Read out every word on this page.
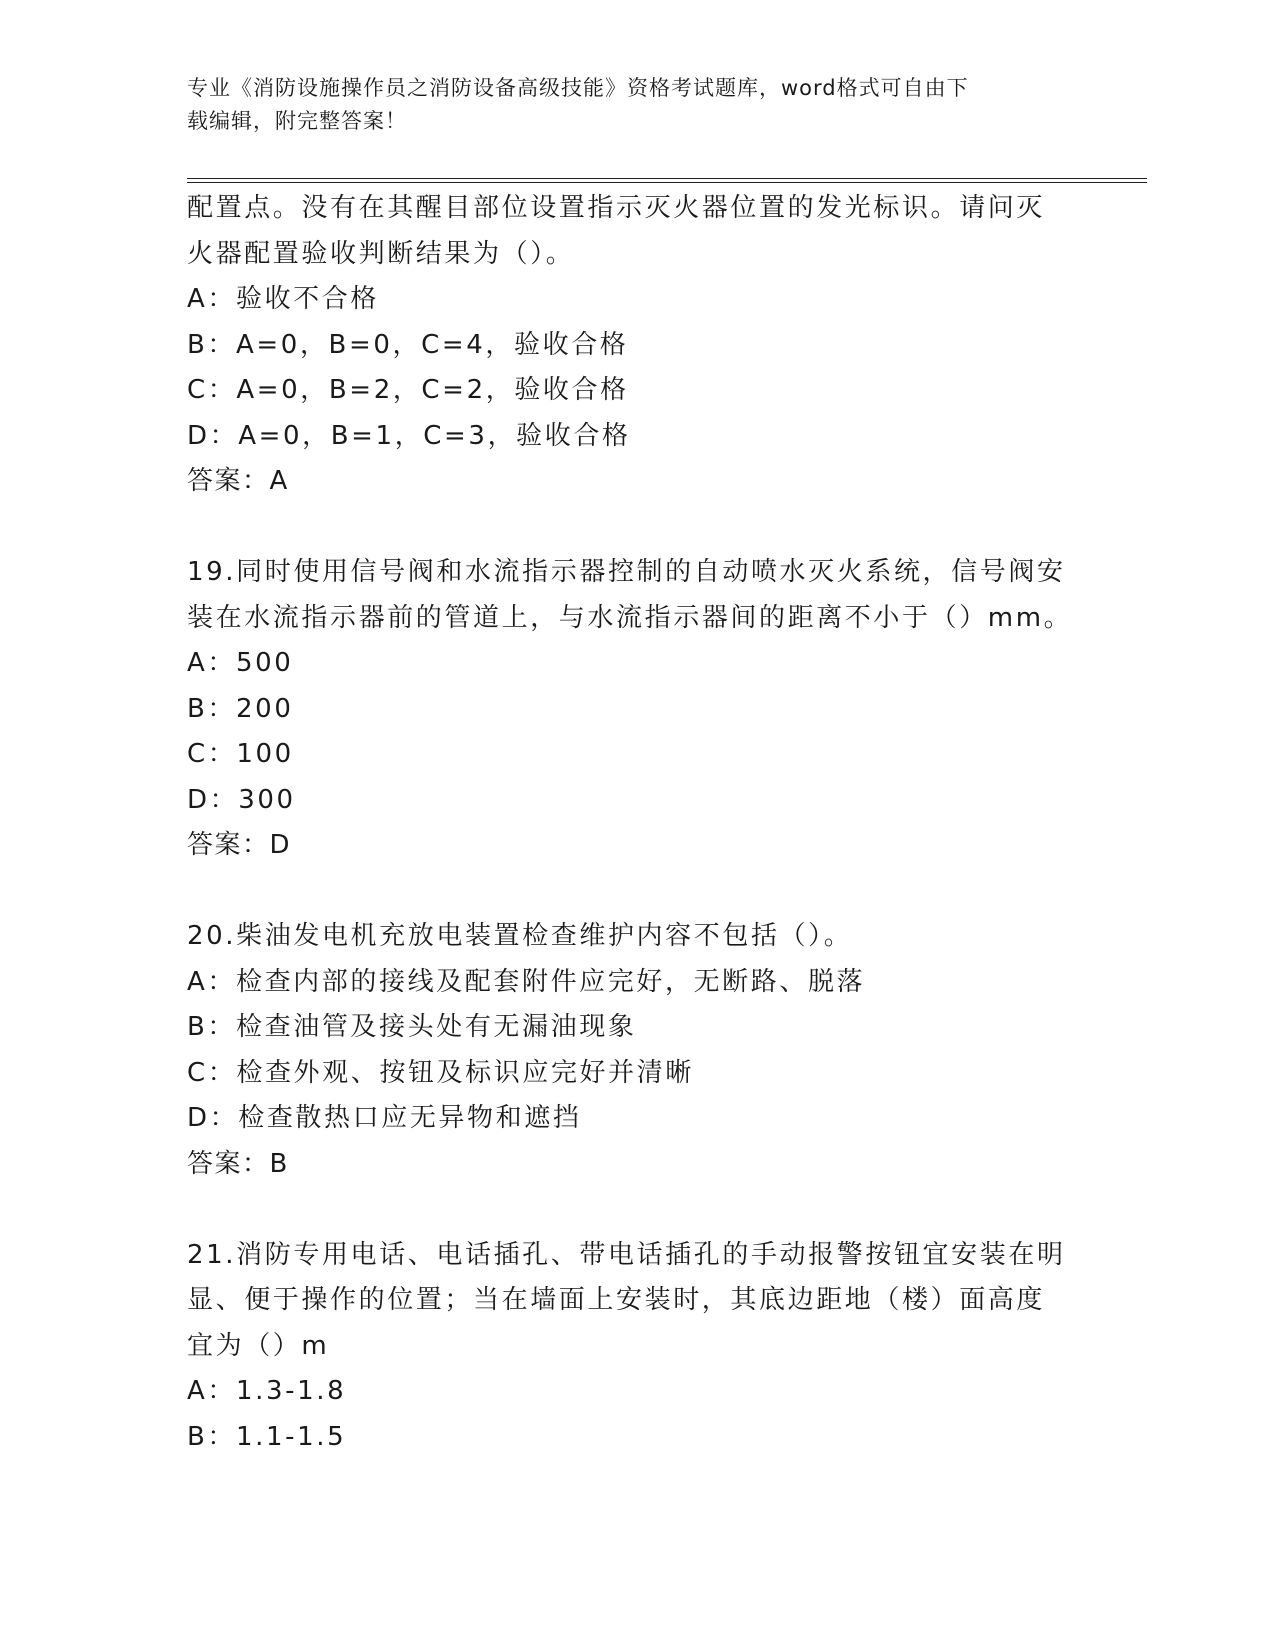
专业《消防设施操作员之消防设备高级技能》资格考试题库，word格式可自由下
载编辑，附完整答案！
配置点。没有在其醒目部位设置指示灭火器位置的发光标识。请问灭
火器配置验收判断结果为（）。
A：验收不合格
B：A=0，B=0，C=4，验收合格
C：A=0，B=2，C=2，验收合格
D：A=0，B=1，C=3，验收合格
答案：A
19.同时使用信号阀和水流指示器控制的自动喷水灭火系统，信号阀安
装在水流指示器前的管道上，与水流指示器间的距离不小于（）mm。
A：500
B：200
C：100
D：300
答案：D
20.柴油发电机充放电装置检查维护内容不包括（）。
A：检查内部的接线及配套附件应完好，无断路、脱落
B：检查油管及接头处有无漏油现象
C：检查外观、按钮及标识应完好并清晰
D：检查散热口应无异物和遮挡
答案：B
21.消防专用电话、电话插孔、带电话插孔的手动报警按钮宜安装在明
显、便于操作的位置；当在墙面上安装时，其底边距地（楼）面高度
宜为（）m
A：1.3-1.8
B：1.1-1.5
